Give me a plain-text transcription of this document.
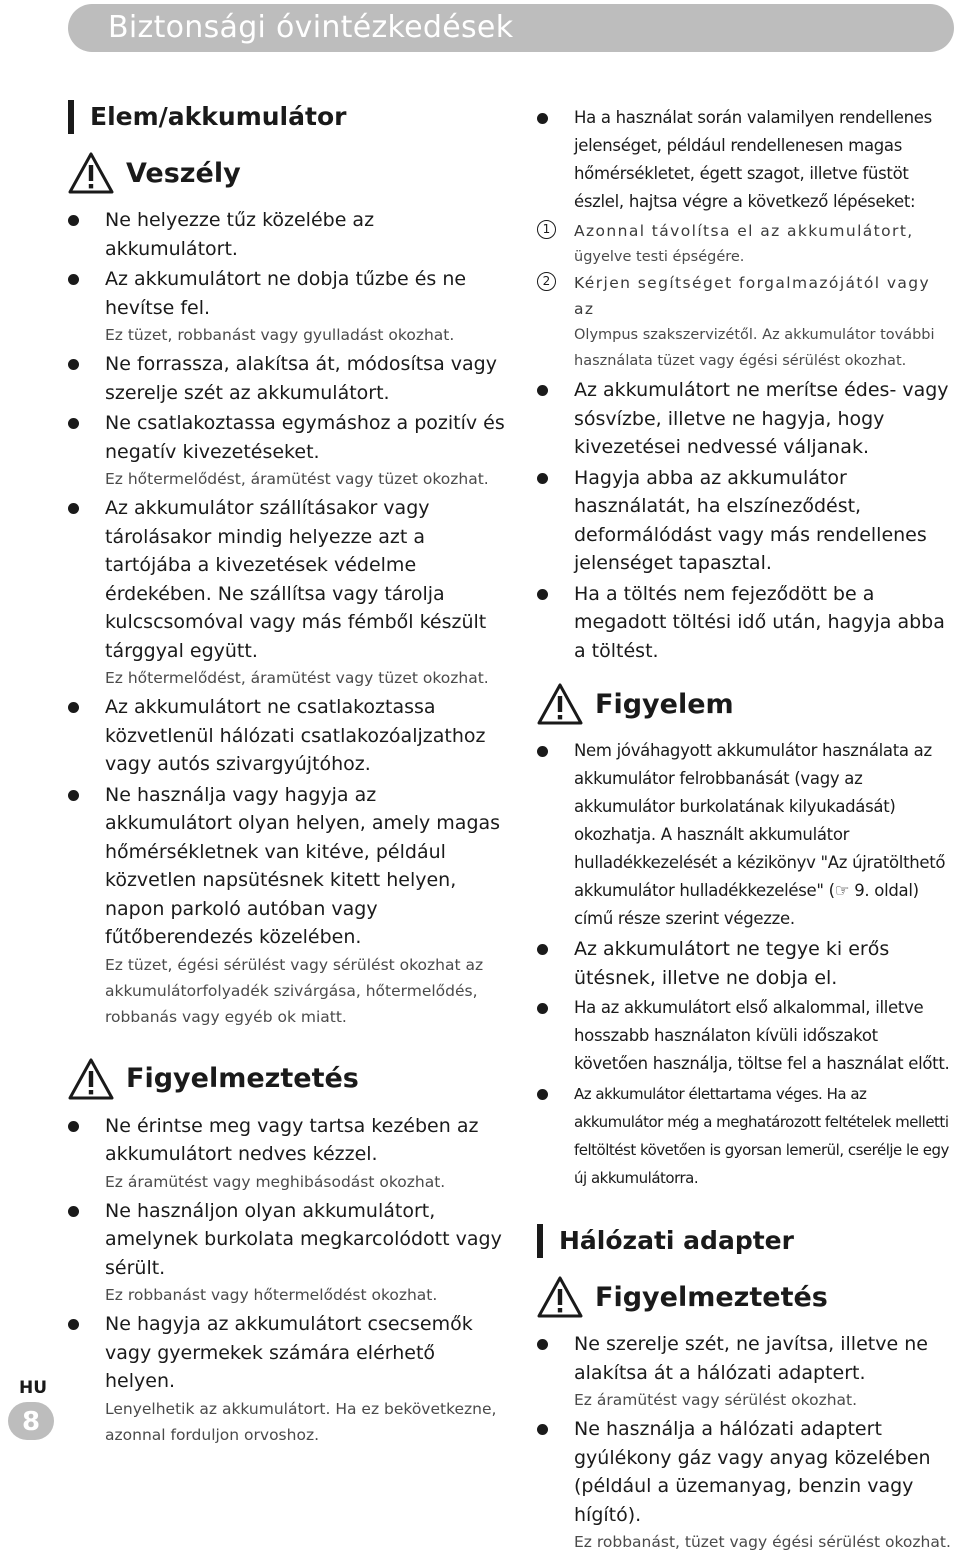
Biztonsági óvintézkedések
Elem/akkumulátor
Veszély
Ne helyezze tűz közelébe az akkumulátort.
Az akkumulátort ne dobja tűzbe és ne hevítse fel.
Ez tüzet, robbanást vagy gyulladást okozhat.
Ne forrassza, alakítsa át, módosítsa vagy szerelje szét az akkumulátort.
Ne csatlakoztassa egymáshoz a pozitív és negatív kivezetéseket.
Ez hőtermelődést, áramütést vagy tüzet okozhat.
Az akkumulátor szállításakor vagy tárolásakor mindig helyezze azt a tartójába a kivezetések védelme érdekében. Ne szállítsa vagy tárolja kulcscsomóval vagy más fémből készült tárggyal együtt.
Ez hőtermelődést, áramütést vagy tüzet okozhat.
Az akkumulátort ne csatlakoztassa közvetlenül hálózati csatlakozóaljzathoz vagy autós szivargyújtóhoz.
Ne használja vagy hagyja az akkumulátort olyan helyen, amely magas hőmérsékletnek van kitéve, például közvetlen napsütésnek kitett helyen, napon parkoló autóban vagy fűtőberendezés közelében.
Ez tüzet, égési sérülést vagy sérülést okozhat az akkumulátorfolyadék szivárgása, hőtermelődés, robbanás vagy egyéb ok miatt.
Figyelmeztetés
Ne érintse meg vagy tartsa kezében az akkumulátort nedves kézzel.
Ez áramütést vagy meghibásodást okozhat.
Ne használjon olyan akkumulátort, amelynek burkolata megkarcolódott vagy sérült.
Ez robbanást vagy hőtermelődést okozhat.
Ne hagyja az akkumulátort csecsemők vagy gyermekek számára elérhető helyen.
Lenyelhetik az akkumulátort. Ha ez bekövetkezne, azonnal forduljon orvoshoz.
Ha a használat során valamilyen rendellenes jelenséget, például rendellenesen magas hőmérsékletet, égett szagot, illetve füstöt észlel, hajtsa végre a következő lépéseket:
1	Azonnal távolítsa el az akkumulátort,
ügyelve testi épségére.
2	Kérjen segítséget forgalmazójától vagy az
Olympus szakszervizétől. Az akkumulátor további használata tüzet vagy égési sérülést okozhat.
Az akkumulátort ne merítse édes- vagy sósvízbe, illetve ne hagyja, hogy kivezetései nedvessé váljanak.
Hagyja abba az akkumulátor használatát, ha elszíneződést, deformálódást vagy más rendellenes jelenséget tapasztal.
Ha a töltés nem fejeződött be a megadott töltési idő után, hagyja abba a töltést.
Figyelem
Nem jóváhagyott akkumulátor használata az akkumulátor felrobbanását (vagy az akkumulátor burkolatának kilyukadását) okozhatja. A használt akkumulátor hulladékkezelését a kézikönyv "Az újratölthető akkumulátor hulladékkezelése" (☞ 9. oldal) című része szerint végezze.
Az akkumulátort ne tegye ki erős ütésnek, illetve ne dobja el.
Ha az akkumulátort első alkalommal, illetve hosszabb használaton kívüli időszakot követően használja, töltse fel a használat előtt.
Az akkumulátor élettartama véges. Ha az akkumulátor még a meghatározott feltételek melletti feltöltést követően is gyorsan lemerül, cserélje le egy új akkumulátorra.
Hálózati adapter
Figyelmeztetés
Ne szerelje szét, ne javítsa, illetve ne alakítsa át a hálózati adaptert.
Ez áramütést vagy sérülést okozhat.
Ne használja a hálózati adaptert gyúlékony gáz vagy anyag közelében (például a üzemanyag, benzin vagy hígító).
Ez robbanást, tüzet vagy égési sérülést okozhat.
HU
8
